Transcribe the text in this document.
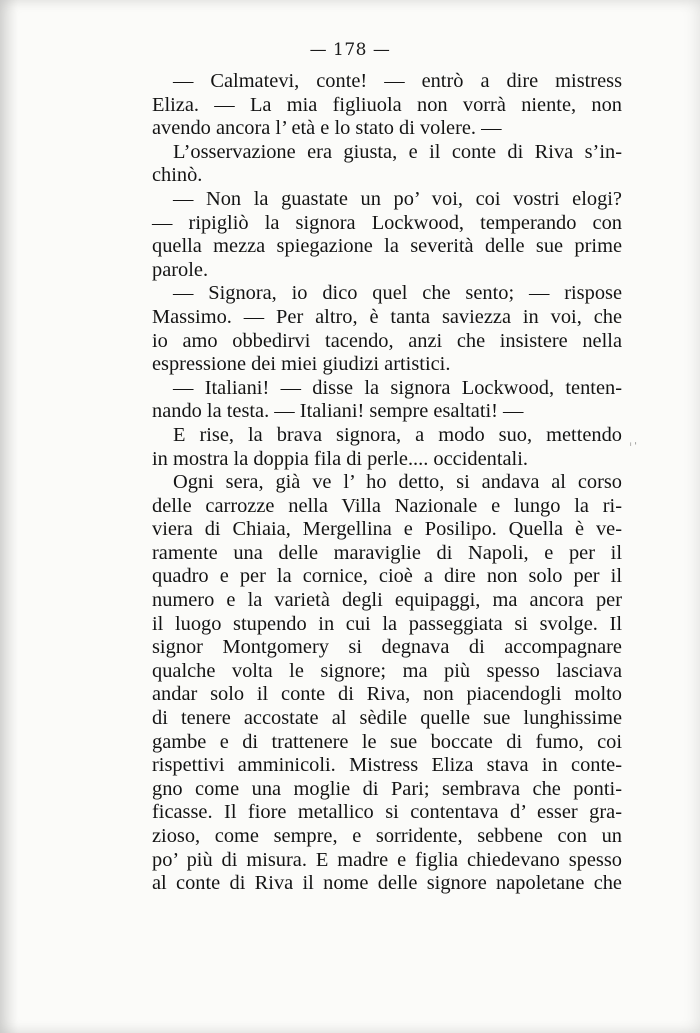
— 178 —
— Calmatevi, conte! — entrò a dire mistress
Eliza. — La mia figliuola non vorrà niente, non
avendo ancora l’ età e lo stato di volere. —
L’osservazione era giusta, e il conte di Riva s’in-
chinò.
— Non la guastate un po’ voi, coi vostri elogi?
— ripigliò la signora Lockwood, temperando con
quella mezza spiegazione la severità delle sue prime
parole.
— Signora, io dico quel che sento; — rispose
Massimo. — Per altro, è tanta saviezza in voi, che
io amo obbedirvi tacendo, anzi che insistere nella
espressione dei miei giudizi artistici.
— Italiani! — disse la signora Lockwood, tenten-
nando la testa. — Italiani! sempre esaltati! —
E rise, la brava signora, a modo suo, mettendo
in mostra la doppia fila di perle.... occidentali.
Ogni sera, già ve l’ ho detto, si andava al corso
delle carrozze nella Villa Nazionale e lungo la ri-
viera di Chiaia, Mergellina e Posilipo. Quella è ve-
ramente una delle maraviglie di Napoli, e per il
quadro e per la cornice, cioè a dire non solo per il
numero e la varietà degli equipaggi, ma ancora per
il luogo stupendo in cui la passeggiata si svolge. Il
signor Montgomery si degnava di accompagnare
qualche volta le signore; ma più spesso lasciava
andar solo il conte di Riva, non piacendogli molto
di tenere accostate al sèdile quelle sue lunghissime
gambe e di trattenere le sue boccate di fumo, coi
rispettivi amminicoli. Mistress Eliza stava in conte-
gno come una moglie di Pari; sembrava che ponti-
ficasse. Il fiore metallico si contentava d’ esser gra-
zioso, come sempre, e sorridente, sebbene con un
po’ più di misura. E madre e figlia chiedevano spesso
al conte di Riva il nome delle signore napoletane che
ⁱ ˈ
